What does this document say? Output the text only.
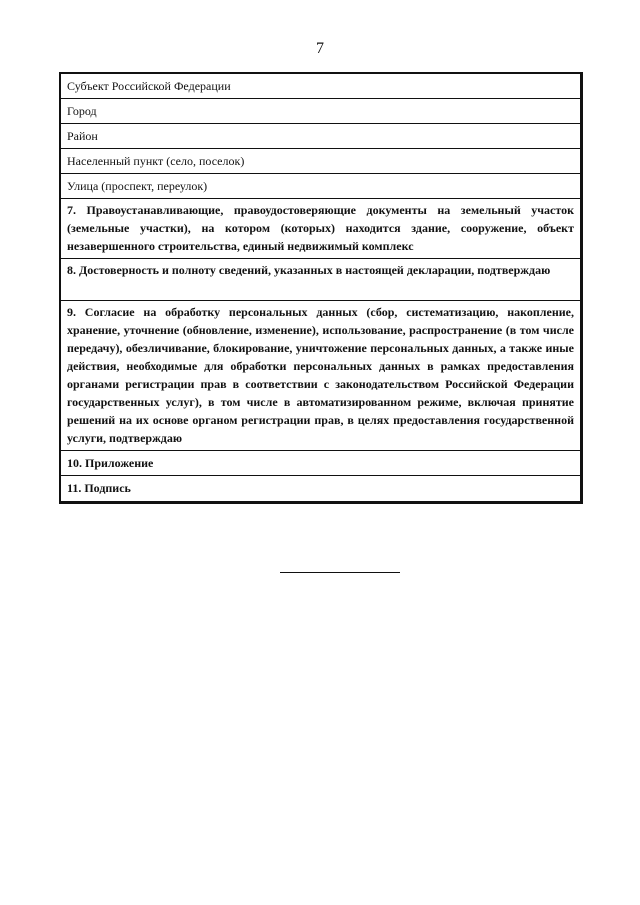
7
Субъект Российской Федерации
Город
Район
Населенный пункт (село, поселок)
Улица (проспект, переулок)
7. Правоустанавливающие, правоудостоверяющие документы на земельный участок (земельные участки), на котором (которых) находится здание, сооружение, объект незавершенного строительства, единый недвижимый комплекс
8. Достоверность и полноту сведений, указанных в настоящей декларации, подтверждаю
9. Согласие на обработку персональных данных (сбор, систематизацию, накопление, хранение, уточнение (обновление, изменение), использование, распространение (в том числе передачу), обезличивание, блокирование, уничтожение персональных данных, а также иные действия, необходимые для обработки персональных данных в рамках предоставления органами регистрации прав в соответствии с законодательством Российской Федерации государственных услуг), в том числе в автоматизированном режиме, включая принятие решений на их основе органом регистрации прав, в целях предоставления государственной услуги, подтверждаю
10. Приложение
11. Подпись
